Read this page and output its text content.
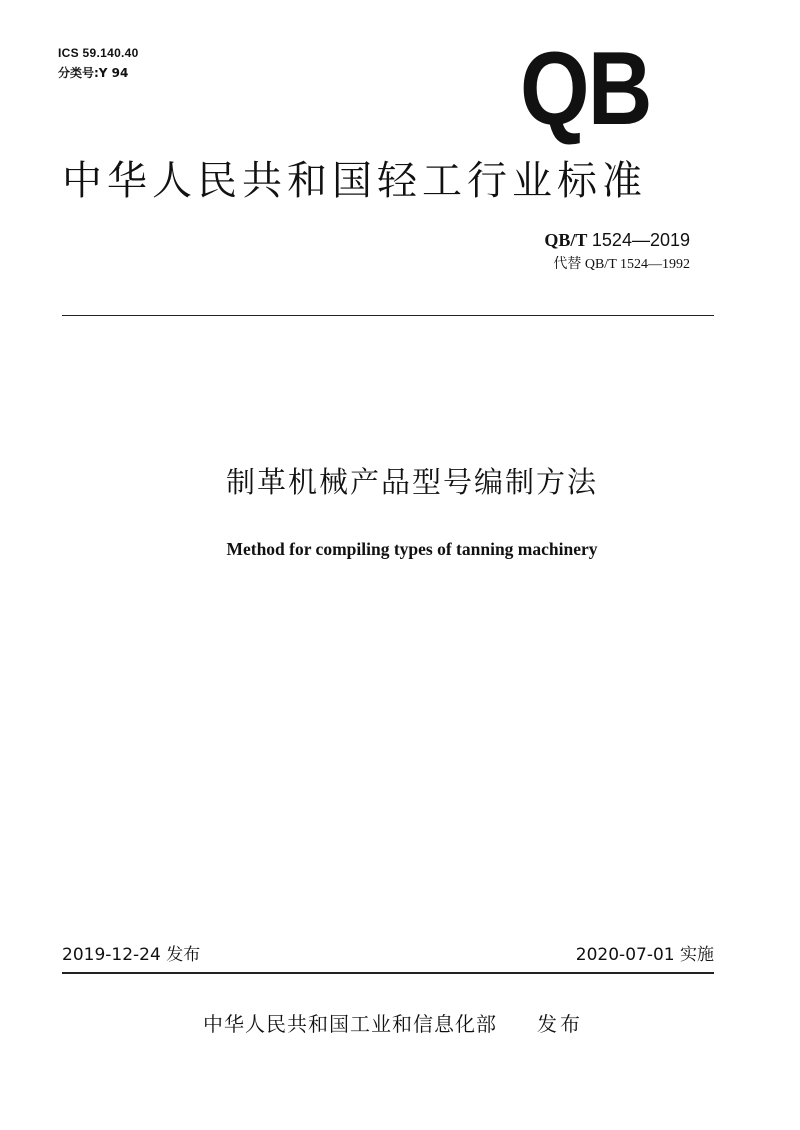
ICS 59.140.40
分类号:Y 94	QB
中华人民共和国轻工行业标准
QB/T 1524—2019
代替 QB/T 1524—1992
制革机械产品型号编制方法
Method for compiling types of tanning machinery
2019-12-24 发布	2020-07-01 实施
中华人民共和国工业和信息化部 发布
